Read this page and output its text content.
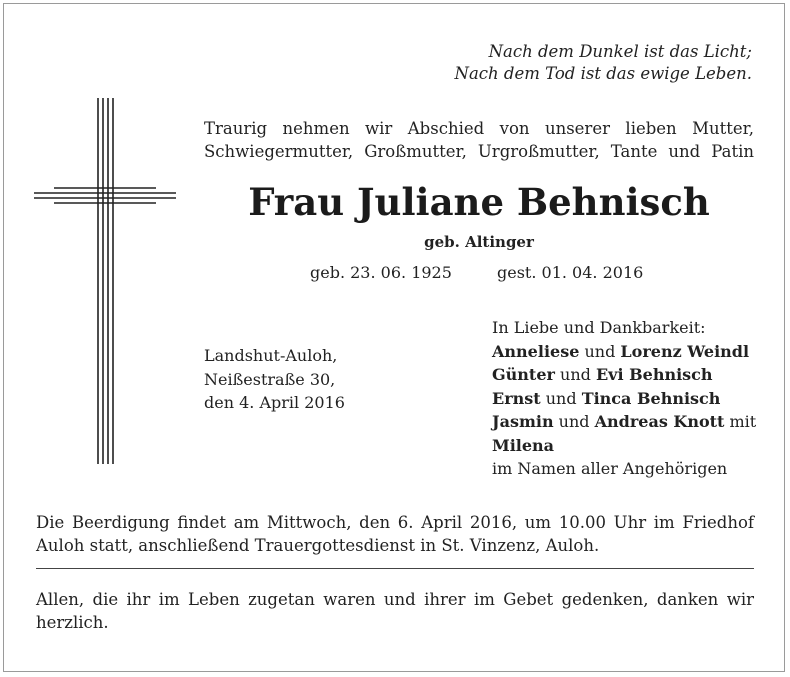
Nach dem Dunkel ist das Licht;
Nach dem Tod ist das ewige Leben.
Traurig nehmen wir Abschied von unserer lieben Mutter,
Schwiegermutter, Großmutter, Urgroßmutter, Tante und Patin
Frau Juliane Behnisch
geb. Altinger
geb. 23. 06. 1925	gest. 01. 04. 2016
Landshut-Auloh,
Neißestraße 30,
den 4. April 2016
In Liebe und Dankbarkeit:
Anneliese und Lorenz Weindl
Günter und Evi Behnisch
Ernst und Tinca Behnisch
Jasmin und Andreas Knott mit
Milena
im Namen aller Angehörigen
Die Beerdigung findet am Mittwoch, den 6. April 2016, um 10.00 Uhr im Friedhof
Auloh statt, anschließend Trauergottesdienst in St. Vinzenz, Auloh.
Allen, die ihr im Leben zugetan waren und ihrer im Gebet gedenken, danken wir
herzlich.
